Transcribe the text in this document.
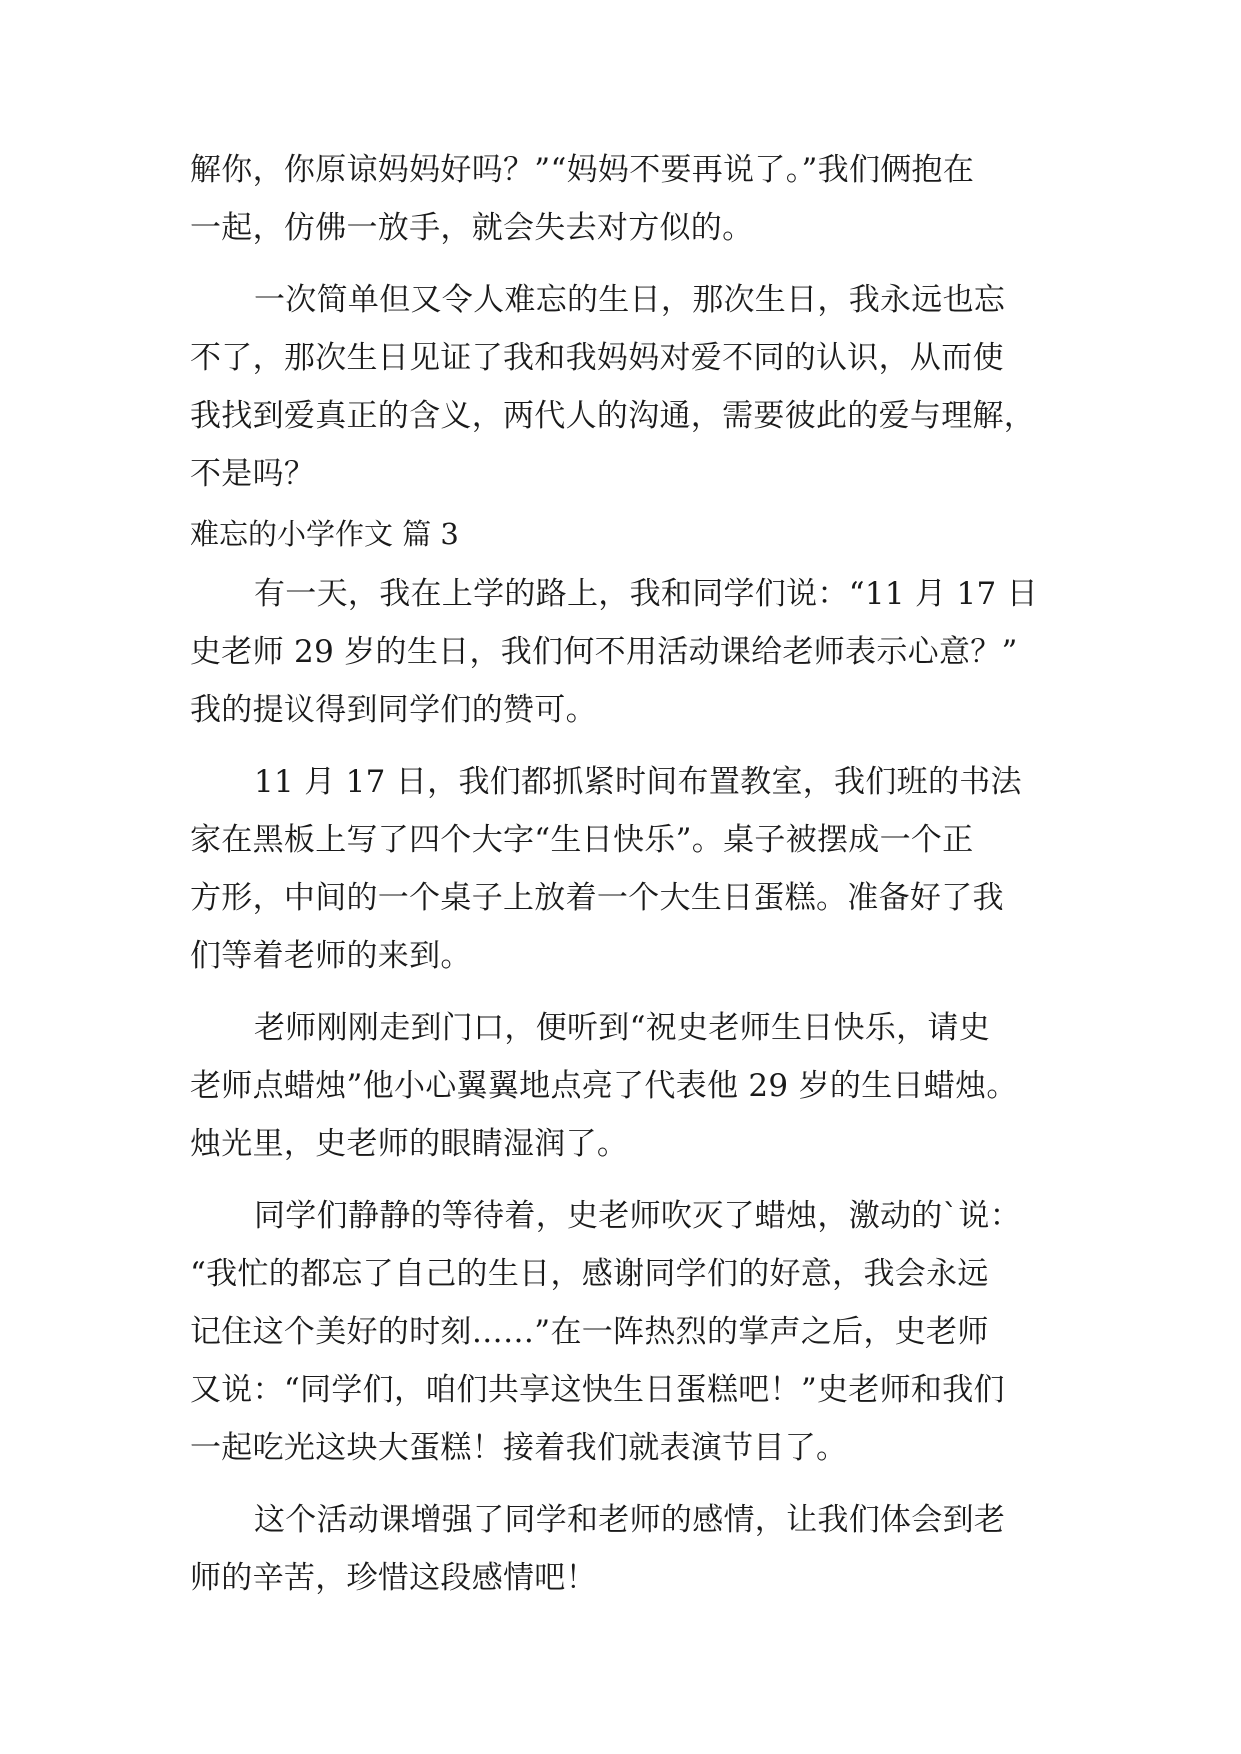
解你，你原谅妈妈好吗？”“妈妈不要再说了。”我们俩抱在

一起，仿佛一放手，就会失去对方似的。

一次简单但又令人难忘的生日，那次生日，我永远也忘

不了，那次生日见证了我和我妈妈对爱不同的认识，从而使

我找到爱真正的含义，两代人的沟通，需要彼此的爱与理解，

不是吗？

难忘的小学作文 篇 3

有一天，我在上学的路上，我和同学们说：“11 月 17 日

史老师 29 岁的生日，我们何不用活动课给老师表示心意？”

我的提议得到同学们的赞可。

11 月 17 日，我们都抓紧时间布置教室，我们班的书法

家在黑板上写了四个大字“生日快乐”。桌子被摆成一个正

方形，中间的一个桌子上放着一个大生日蛋糕。准备好了我

们等着老师的来到。

老师刚刚走到门口，便听到“祝史老师生日快乐，请史

老师点蜡烛”他小心翼翼地点亮了代表他 29 岁的生日蜡烛。

烛光里，史老师的眼睛湿润了。

同学们静静的等待着，史老师吹灭了蜡烛，激动的`说：

“我忙的都忘了自己的生日，感谢同学们的好意，我会永远

记住这个美好的时刻……”在一阵热烈的掌声之后，史老师

又说：“同学们，咱们共享这快生日蛋糕吧！”史老师和我们

一起吃光这块大蛋糕！接着我们就表演节目了。

这个活动课增强了同学和老师的感情，让我们体会到老

师的辛苦，珍惜这段感情吧！
